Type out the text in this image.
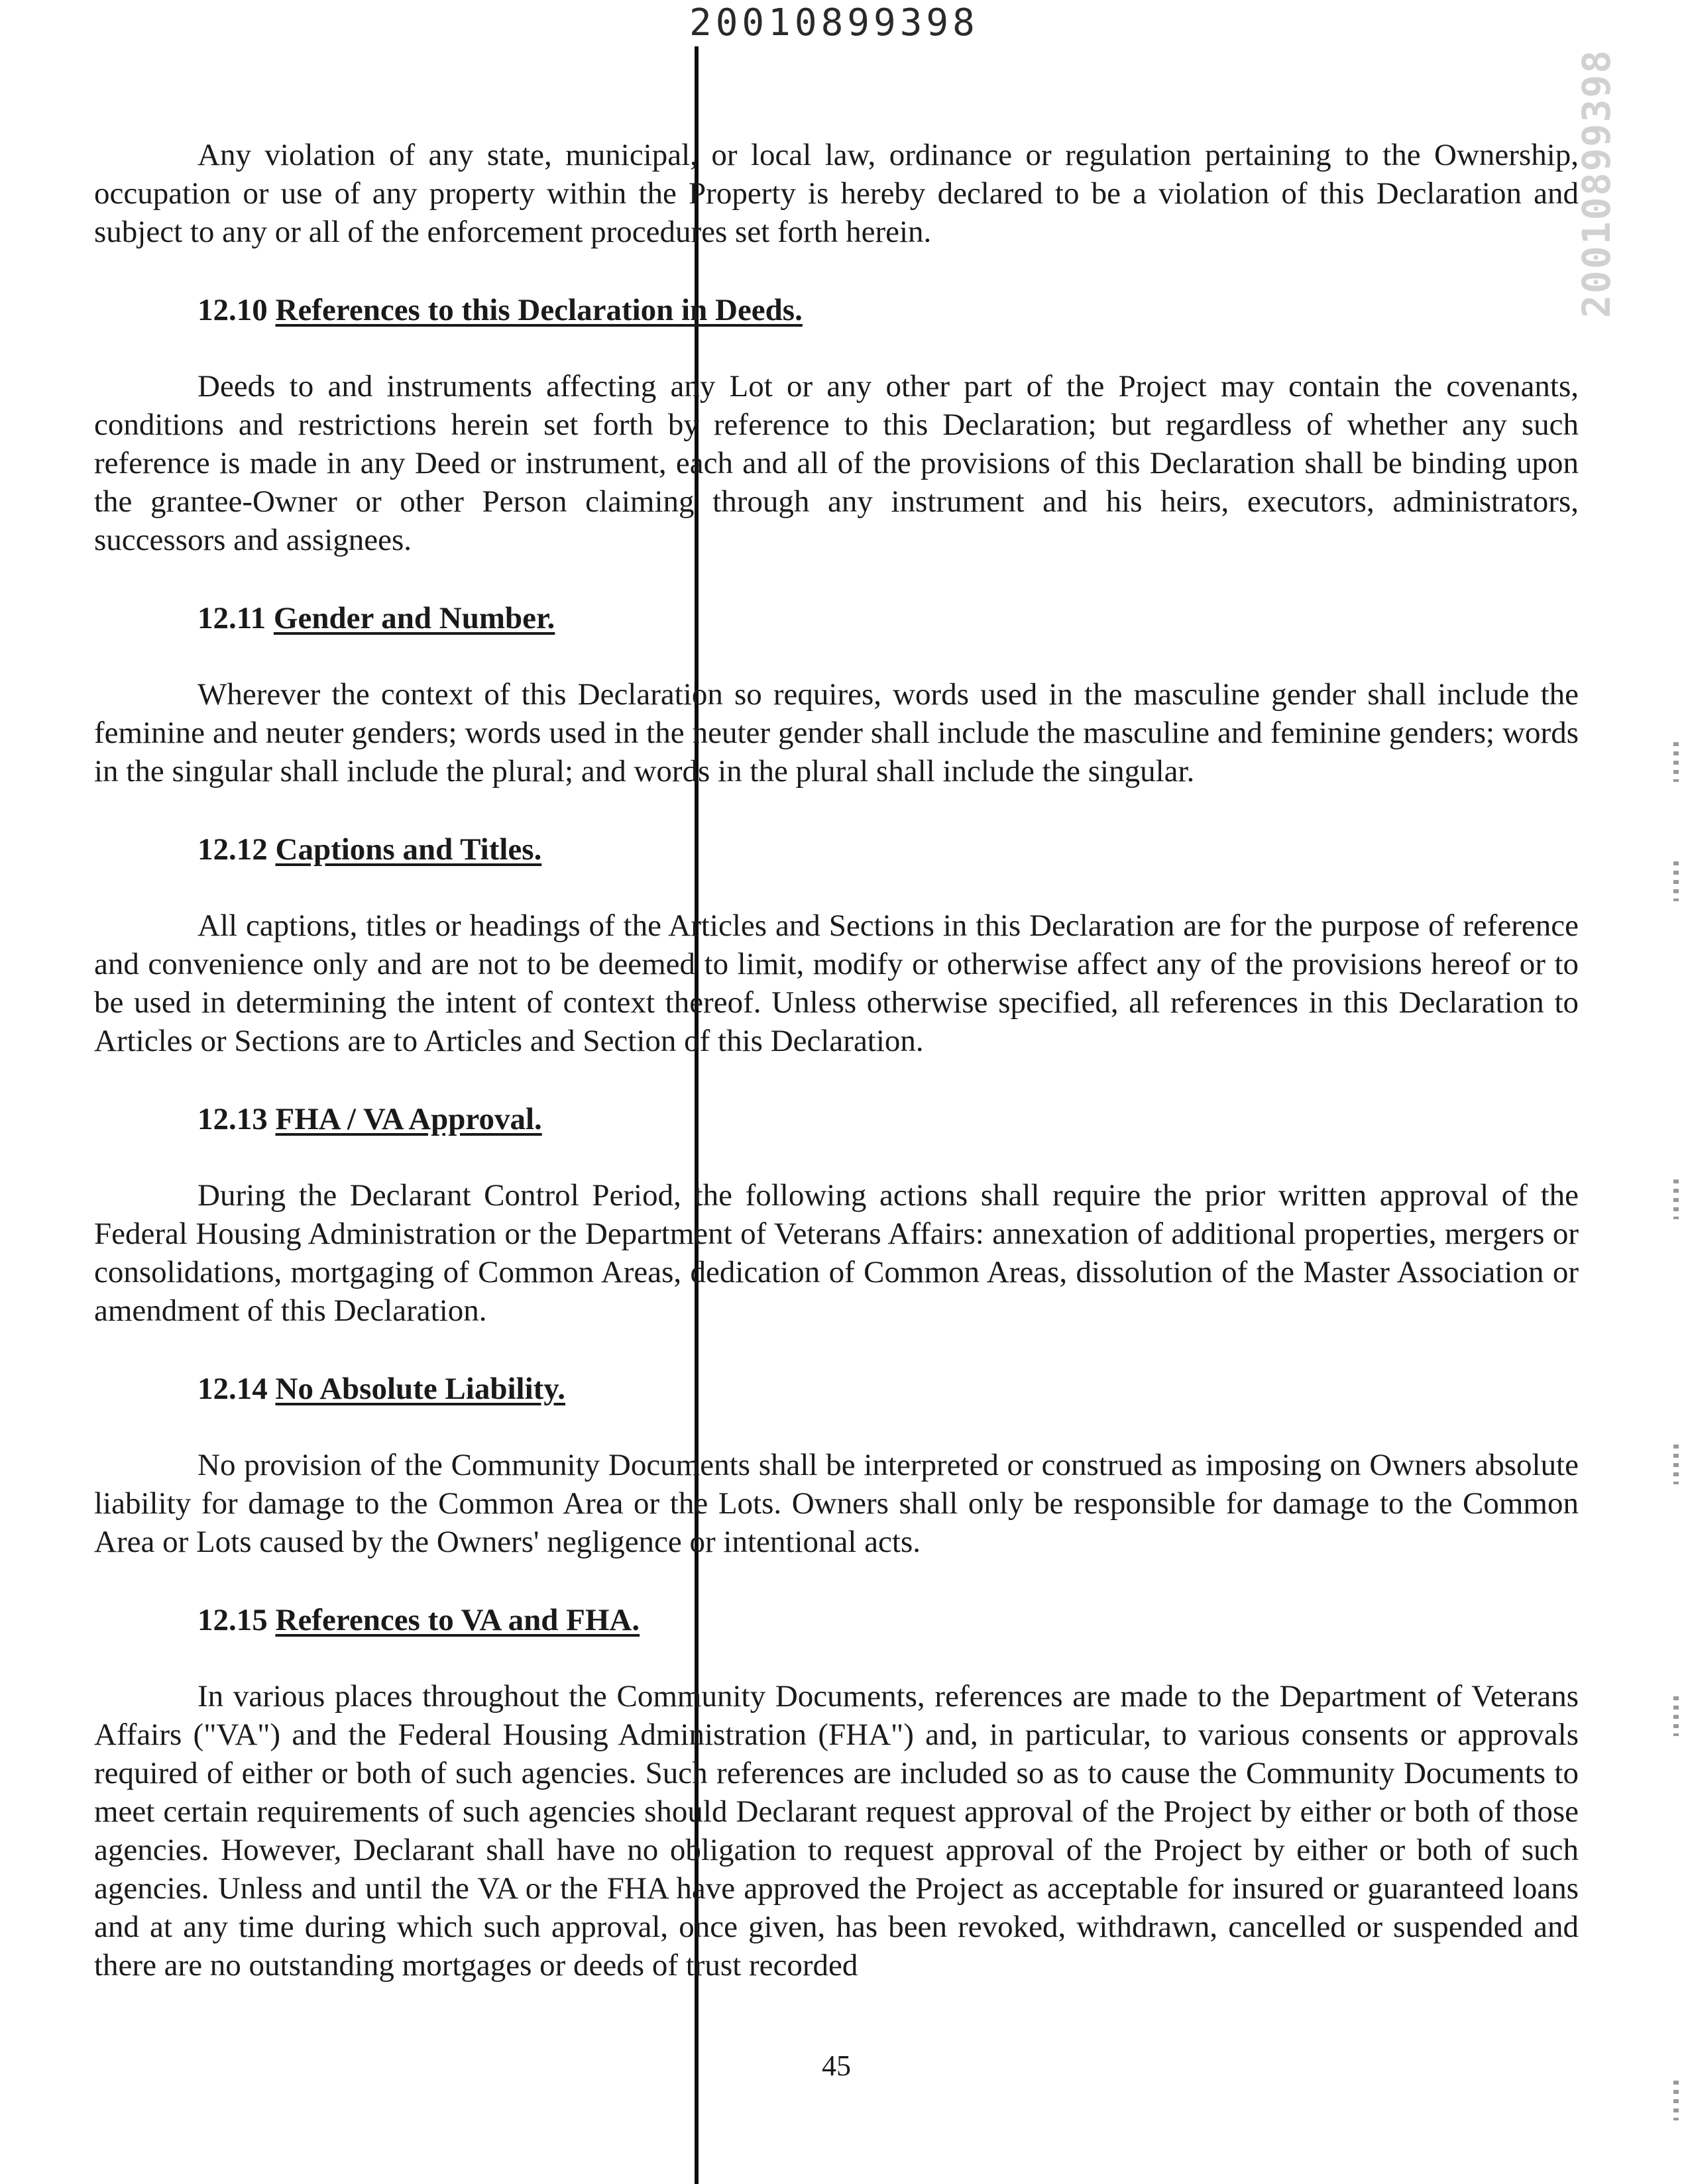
20010899398
20010899398

Any violation of any state, municipal, or local law, ordinance or regulation pertaining to the Ownership, occupation or use of any property within the Property is hereby declared to be a violation of this Declaration and subject to any or all of the enforcement procedures set forth herein.

12.10 References to this Declaration in Deeds.

Deeds to and instruments affecting any Lot or any other part of the Project may contain the covenants, conditions and restrictions herein set forth by reference to this Declaration; but regardless of whether any such reference is made in any Deed or instrument, each and all of the provisions of this Declaration shall be binding upon the grantee-Owner or other Person claiming through any instrument and his heirs, executors, administrators, successors and assignees.

12.11 Gender and Number.

Wherever the context of this Declaration so requires, words used in the masculine gender shall include the feminine and neuter genders; words used in the neuter gender shall include the masculine and feminine genders; words in the singular shall include the plural; and words in the plural shall include the singular.

12.12 Captions and Titles.

All captions, titles or headings of the Articles and Sections in this Declaration are for the purpose of reference and convenience only and are not to be deemed to limit, modify or otherwise affect any of the provisions hereof or to be used in determining the intent of context thereof. Unless otherwise specified, all references in this Declaration to Articles or Sections are to Articles and Section of this Declaration.

12.13 FHA / VA Approval.

During the Declarant Control Period, the following actions shall require the prior written approval of the Federal Housing Administration or the Department of Veterans Affairs: annexation of additional properties, mergers or consolidations, mortgaging of Common Areas, dedication of Common Areas, dissolution of the Master Association or amendment of this Declaration.

12.14 No Absolute Liability.

No provision of the Community Documents shall be interpreted or construed as imposing on Owners absolute liability for damage to the Common Area or the Lots. Owners shall only be responsible for damage to the Common Area or Lots caused by the Owners' negligence or intentional acts.

12.15 References to VA and FHA.

In various places throughout the Community Documents, references are made to the Department of Veterans Affairs ("VA") and the Federal Housing Administration (FHA") and, in particular, to various consents or approvals required of either or both of such agencies. Such references are included so as to cause the Community Documents to meet certain requirements of such agencies should Declarant request approval of the Project by either or both of those agencies. However, Declarant shall have no obligation to request approval of the Project by either or both of such agencies. Unless and until the VA or the FHA have approved the Project as acceptable for insured or guaranteed loans and at any time during which such approval, once given, has been revoked, withdrawn, cancelled or suspended and there are no outstanding mortgages or deeds of trust recorded

45
